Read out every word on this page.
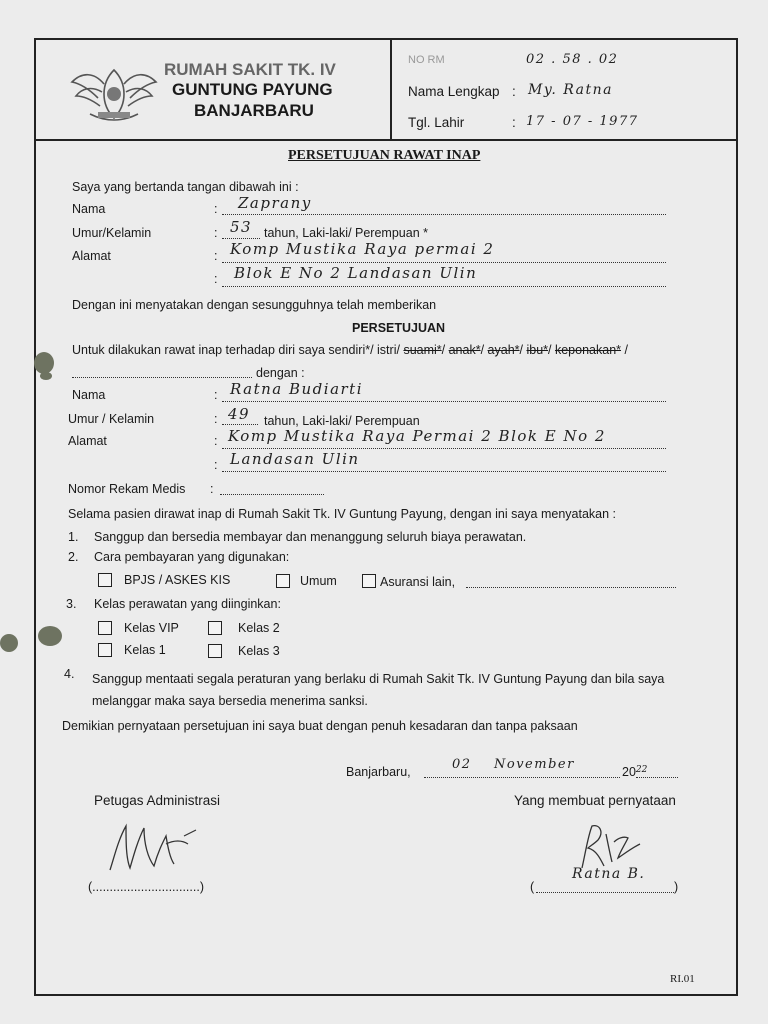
RUMAH SAKIT TK. IV
GUNTUNG PAYUNG
BANJARBARU
NO RM	02 . 58 . 02
Nama Lengkap : My. Ratna
Tgl. Lahir	: 17 - 07 - 1977
PERSETUJUAN RAWAT INAP
Saya yang bertanda tangan dibawah ini :
Nama	: Zaprany
Umur/Kelamin	: 53 tahun, Laki-laki/ Perempuan *
Alamat	: Komp Mustika Raya permai 2
: Blok E No 2 Landasan Ulin
Dengan ini menyatakan dengan sesungguhnya telah memberikan
PERSETUJUAN
Untuk dilakukan rawat inap terhadap diri saya sendiri*/ istri/ suami*/ anak*/ ayah*/ ibu*/ keponakan* /
dengan :
Nama	: Ratna Budiarti
Umur / Kelamin	: 49 tahun, Laki-laki/ Perempuan
Alamat	: Komp Mustika Raya Permai 2 Blok E No 2
: Landasan Ulin
Nomor Rekam Medis :
Selama pasien dirawat inap di Rumah Sakit Tk. IV Guntung Payung, dengan ini saya menyatakan :
1. Sanggup dan bersedia membayar dan menanggung seluruh biaya perawatan.
2. Cara pembayaran yang digunakan:
BPJS / ASKES KIS	Umum	Asuransi lain,
3. Kelas perawatan yang diinginkan:
Kelas VIP	Kelas 2
Kelas 1	Kelas 3
4. Sanggup mentaati segala peraturan yang berlaku di Rumah Sakit Tk. IV Guntung Payung dan bila saya
melanggar maka saya bersedia menerima sanksi.
Demikian pernyataan persetujuan ini saya buat dengan penuh kesadaran dan tanpa paksaan
Banjarbaru,	02 November	$20^{22}$
Petugas Administrasi	Yang membuat pernyataan
(...............................)	(
Ratna B.
)
RI.01
